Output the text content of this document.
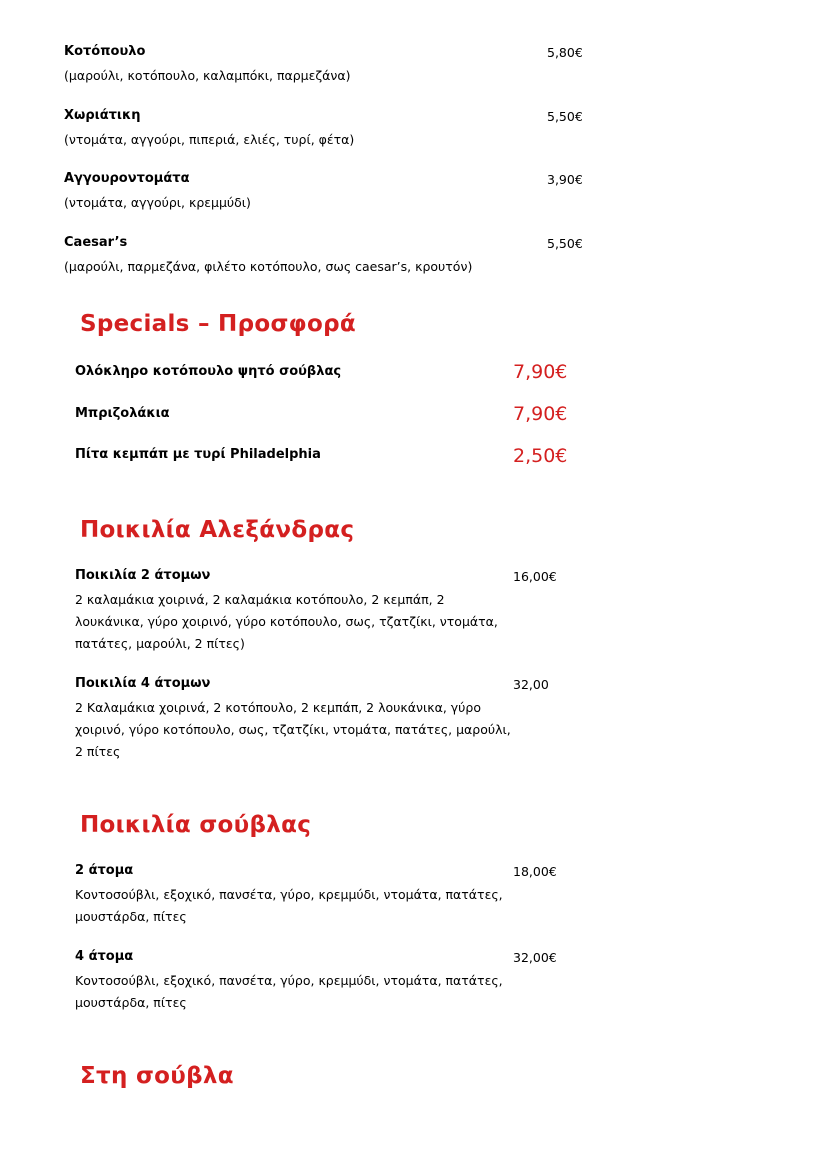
Κοτόπουλο	5,80€
(μαρούλι, κοτόπουλο, καλαμπόκι, παρμεζάνα)
Χωριάτικη	5,50€
(ντομάτα, αγγούρι, πιπεριά, ελιές, τυρί, φέτα)
Αγγουροντομάτα	3,90€
(ντομάτα, αγγούρι, κρεμμύδι)
Caesar’s	5,50€
(μαρούλι, παρμεζάνα, φιλέτο κοτόπουλο, σως caesar’s, κρουτόν)
Specials – Προσφορά
Ολόκληρο κοτόπουλο ψητό σούβλας	7,90€
Μπριζολάκια	7,90€
Πίτα κεμπάπ με τυρί Philadelphia	2,50€
Ποικιλία Αλεξάνδρας
Ποικιλία 2 άτομων	16,00€
2 καλαμάκια χοιρινά, 2 καλαμάκια κοτόπουλο, 2 κεμπάπ, 2
λουκάνικα, γύρο χοιρινό, γύρο κοτόπουλο, σως, τζατζίκι, ντομάτα,
πατάτες, μαρούλι, 2 πίτες)
Ποικιλία 4 άτομων	32,00
2 Καλαμάκια χοιρινά, 2 κοτόπουλο, 2 κεμπάπ, 2 λουκάνικα, γύρο
χοιρινό, γύρο κοτόπουλο, σως, τζατζίκι, ντομάτα, πατάτες, μαρούλι,
2 πίτες
Ποικιλία σούβλας
2 άτομα	18,00€
Κοντοσούβλι, εξοχικό, πανσέτα, γύρο, κρεμμύδι, ντομάτα, πατάτες,
μουστάρδα, πίτες
4 άτομα	32,00€
Κοντοσούβλι, εξοχικό, πανσέτα, γύρο, κρεμμύδι, ντομάτα, πατάτες,
μουστάρδα, πίτες
Στη σούβλα
